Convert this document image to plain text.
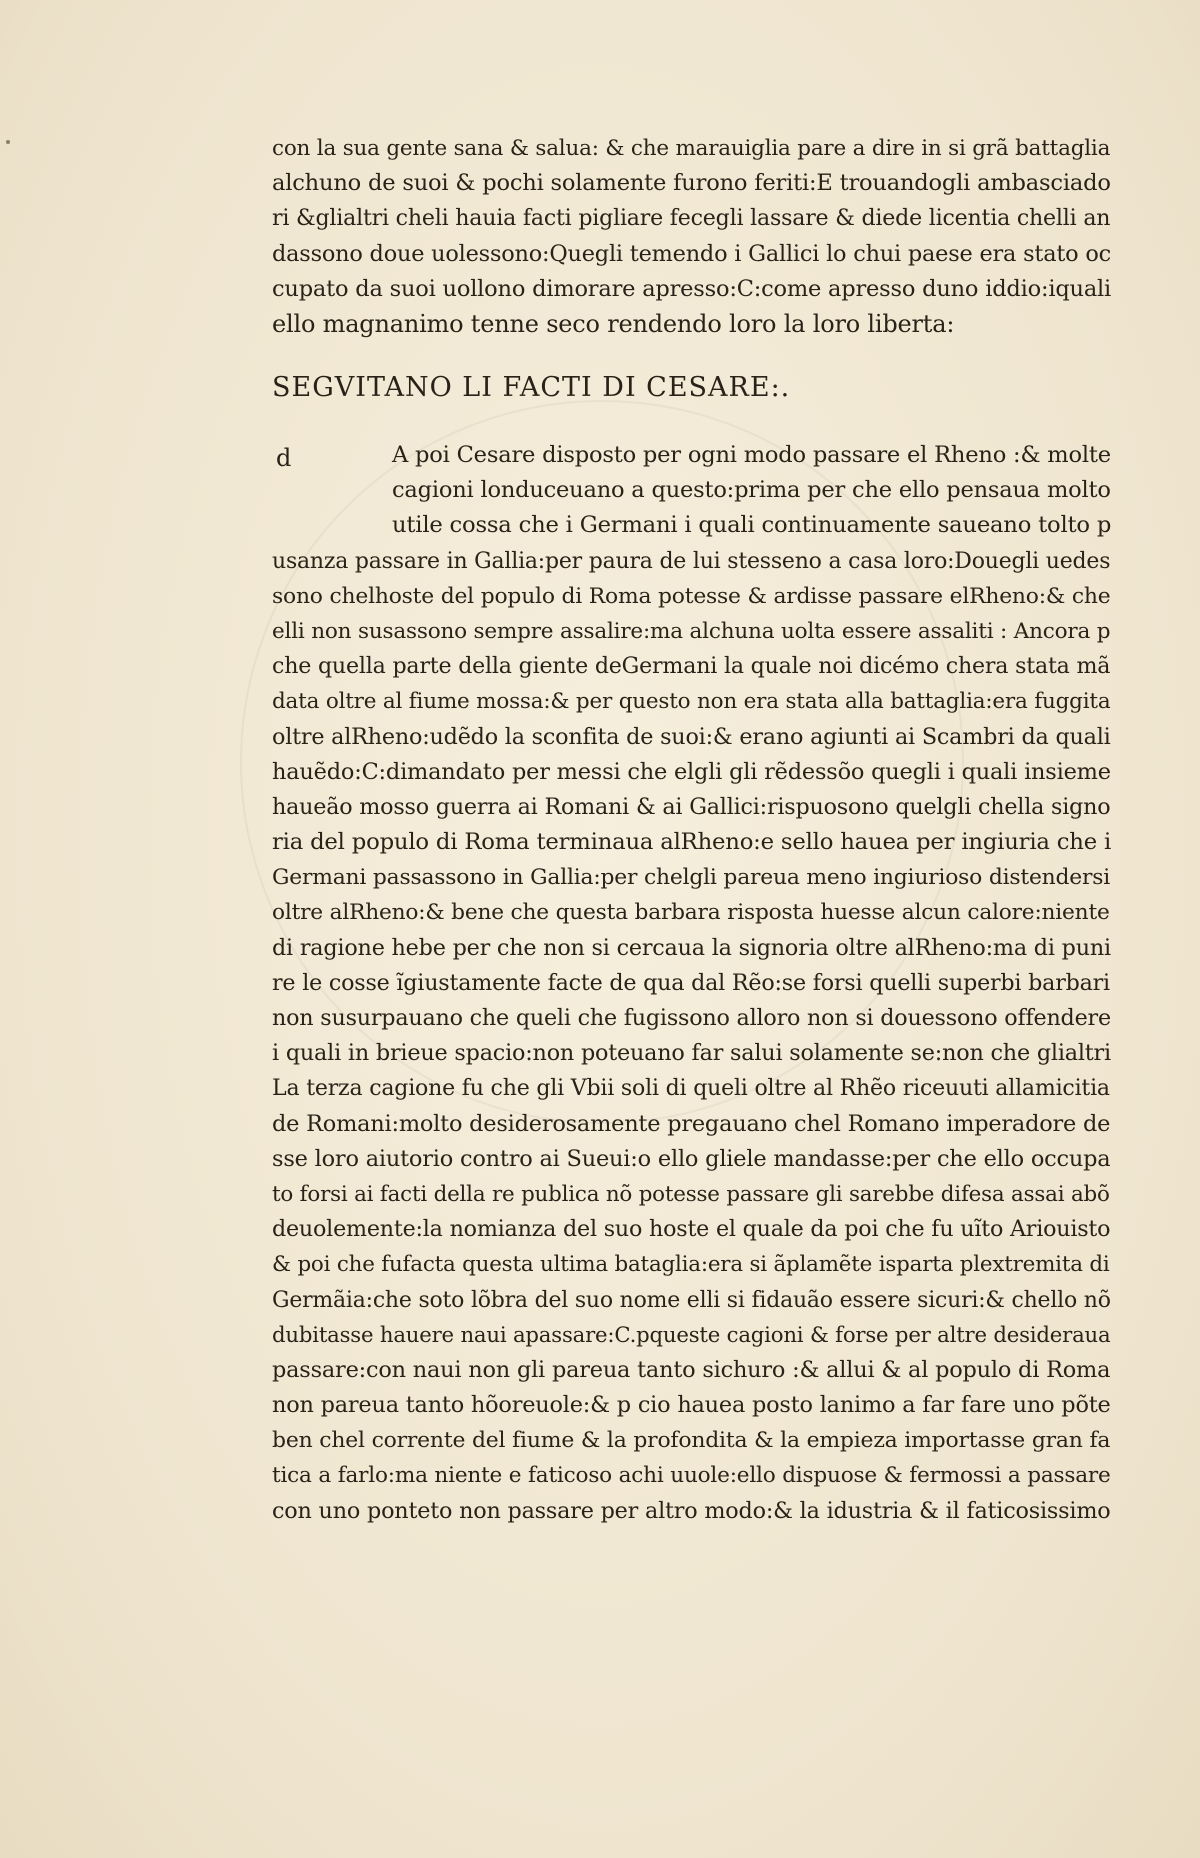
con la sua gente sana & salua: & che marauiglia pare a dire in si grã battaglia
alchuno de suoi & pochi solamente furono feriti:E trouandogli ambasciado
ri &glialtri cheli hauia facti pigliare fecegli lassare & diede licentia chelli an
dassono doue uolessono:Quegli temendo i Gallici lo chui paese era stato oc
cupato da suoi uollono dimorare apresso:C:come apresso duno iddio:iquali
ello magnanimo tenne seco rendendo loro la loro liberta:
SEGVITANO LI FACTI DI CESARE:.
d	A poi Cesare disposto per ogni modo passare el Rheno :& molte
cagioni londuceuano a questo:prima per che ello pensaua molto
utile cossa che i Germani i quali continuamente saueano tolto p
usanza passare in Gallia:per paura de lui stesseno a casa loro:Douegli uedes
sono chelhoste del populo di Roma potesse & ardisse passare elRheno:& che
elli non susassono sempre assalire:ma alchuna uolta essere assaliti : Ancora p
che quella parte della giente deGermani la quale noi dicémo chera stata mã
data oltre al fiume mossa:& per questo non era stata alla battaglia:era fuggita
oltre alRheno:udẽdo la sconfita de suoi:& erano agiunti ai Scambri da quali
hauẽdo:C:dimandato per messi che elgli gli rẽdessõo quegli i quali insieme
haueão mosso guerra ai Romani & ai Gallici:rispuosono quelgli chella signo
ria del populo di Roma terminaua alRheno:e sello hauea per ingiuria che i
Germani passassono in Gallia:per chelgli pareua meno ingiurioso distendersi
oltre alRheno:& bene che questa barbara risposta huesse alcun calore:niente
di ragione hebe per che non si cercaua la signoria oltre alRheno:ma di puni
re le cosse ĩgiustamente facte de qua dal Rẽo:se forsi quelli superbi barbari
non susurpauano che queli che fugissono alloro non si douessono offendere
i quali in brieue spacio:non poteuano far salui solamente se:non che glialtri
La terza cagione fu che gli Vbii soli di queli oltre al Rhẽo riceuuti allamicitia
de Romani:molto desiderosamente pregauano chel Romano imperadore de
sse loro aiutorio contro ai Sueui:o ello gliele mandasse:per che ello occupa
to forsi ai facti della re publica nõ potesse passare gli sarebbe difesa assai abõ
deuolemente:la nomianza del suo hoste el quale da poi che fu uĩto Ariouisto
& poi che fufacta questa ultima bataglia:era si ãplamẽte isparta plextremita di
Germãia:che soto lõbra del suo nome elli si fidauão essere sicuri:& chello nõ
dubitasse hauere naui apassare:C.pqueste cagioni & forse per altre desideraua
passare:con naui non gli pareua tanto sichuro :& allui & al populo di Roma
non pareua tanto hõoreuole:& p cio hauea posto lanimo a far fare uno põte
ben chel corrente del fiume & la profondita & la empieza importasse gran fa
tica a farlo:ma niente e faticoso achi uuole:ello dispuose & fermossi a passare
con uno ponteto non passare per altro modo:& la idustria & il faticosissimo
